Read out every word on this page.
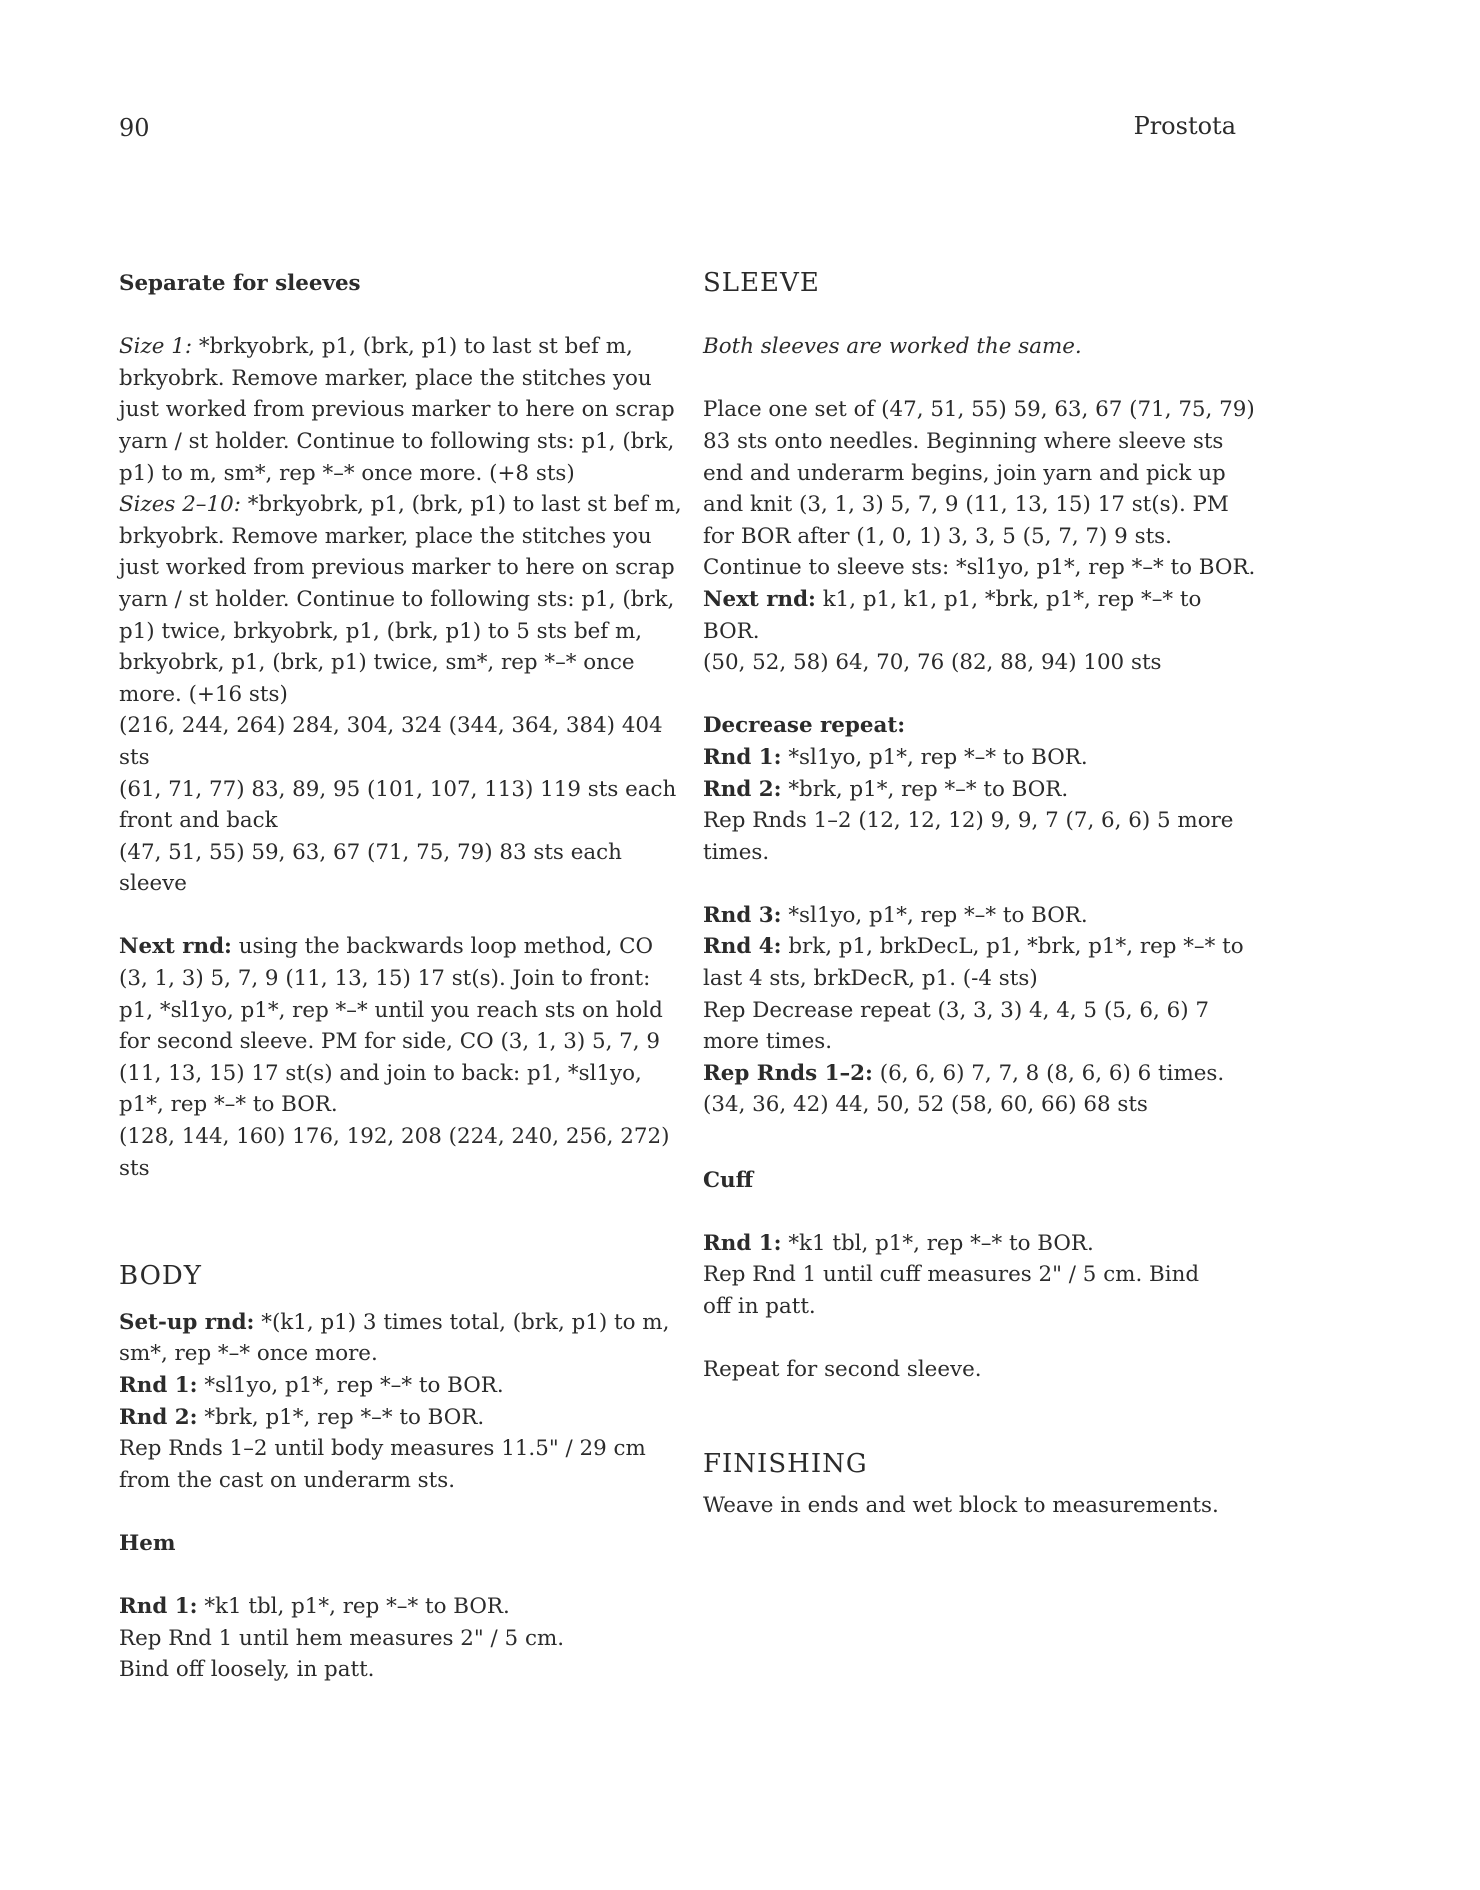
90	Prostota

Separate for sleeves

Size 1: *brkyobrk, p1, (brk, p1) to last st bef m, brkyobrk. Remove marker, place the stitches you just worked from previous marker to here on scrap yarn / st holder. Continue to following sts: p1, (brk, p1) to m, sm*, rep *–* once more. (+8 sts)

Sizes 2–10: *brkyobrk, p1, (brk, p1) to last st bef m, brkyobrk. Remove marker, place the stitches you just worked from previous marker to here on scrap yarn / st holder. Continue to following sts: p1, (brk, p1) twice, brkyobrk, p1, (brk, p1) to 5 sts bef m, brkyobrk, p1, (brk, p1) twice, sm*, rep *–* once more. (+16 sts)

(216, 244, 264) 284, 304, 324 (344, 364, 384) 404 sts

(61, 71, 77) 83, 89, 95 (101, 107, 113) 119 sts each front and back

(47, 51, 55) 59, 63, 67 (71, 75, 79) 83 sts each sleeve

Next rnd: using the backwards loop method, CO (3, 1, 3) 5, 7, 9 (11, 13, 15) 17 st(s). Join to front: p1, *sl1yo, p1*, rep *–* until you reach sts on hold for second sleeve. PM for side, CO (3, 1, 3) 5, 7, 9 (11, 13, 15) 17 st(s) and join to back: p1, *sl1yo, p1*, rep *–* to BOR.

(128, 144, 160) 176, 192, 208 (224, 240, 256, 272) sts

BODY

Set-up rnd: *(k1, p1) 3 times total, (brk, p1) to m, sm*, rep *–* once more.

Rnd 1: *sl1yo, p1*, rep *–* to BOR.

Rnd 2: *brk, p1*, rep *–* to BOR.

Rep Rnds 1–2 until body measures 11.5" / 29 cm from the cast on underarm sts.

Hem

Rnd 1: *k1 tbl, p1*, rep *–* to BOR.

Rep Rnd 1 until hem measures 2" / 5 cm.

Bind off loosely, in patt.

SLEEVE

Both sleeves are worked the same.

Place one set of (47, 51, 55) 59, 63, 67 (71, 75, 79) 83 sts onto needles. Beginning where sleeve sts end and underarm begins, join yarn and pick up and knit (3, 1, 3) 5, 7, 9 (11, 13, 15) 17 st(s). PM for BOR after (1, 0, 1) 3, 3, 5 (5, 7, 7) 9 sts. Continue to sleeve sts: *sl1yo, p1*, rep *–* to BOR.

Next rnd: k1, p1, k1, p1, *brk, p1*, rep *–* to BOR.

(50, 52, 58) 64, 70, 76 (82, 88, 94) 100 sts

Decrease repeat:

Rnd 1: *sl1yo, p1*, rep *–* to BOR.

Rnd 2: *brk, p1*, rep *–* to BOR.

Rep Rnds 1–2 (12, 12, 12) 9, 9, 7 (7, 6, 6) 5 more times.

Rnd 3: *sl1yo, p1*, rep *–* to BOR.

Rnd 4: brk, p1, brkDecL, p1, *brk, p1*, rep *–* to last 4 sts, brkDecR, p1. (-4 sts)

Rep Decrease repeat (3, 3, 3) 4, 4, 5 (5, 6, 6) 7 more times.

Rep Rnds 1–2: (6, 6, 6) 7, 7, 8 (8, 6, 6) 6 times.

(34, 36, 42) 44, 50, 52 (58, 60, 66) 68 sts

Cuff

Rnd 1: *k1 tbl, p1*, rep *–* to BOR.

Rep Rnd 1 until cuff measures 2" / 5 cm. Bind off in patt.

Repeat for second sleeve.

FINISHING

Weave in ends and wet block to measurements.
